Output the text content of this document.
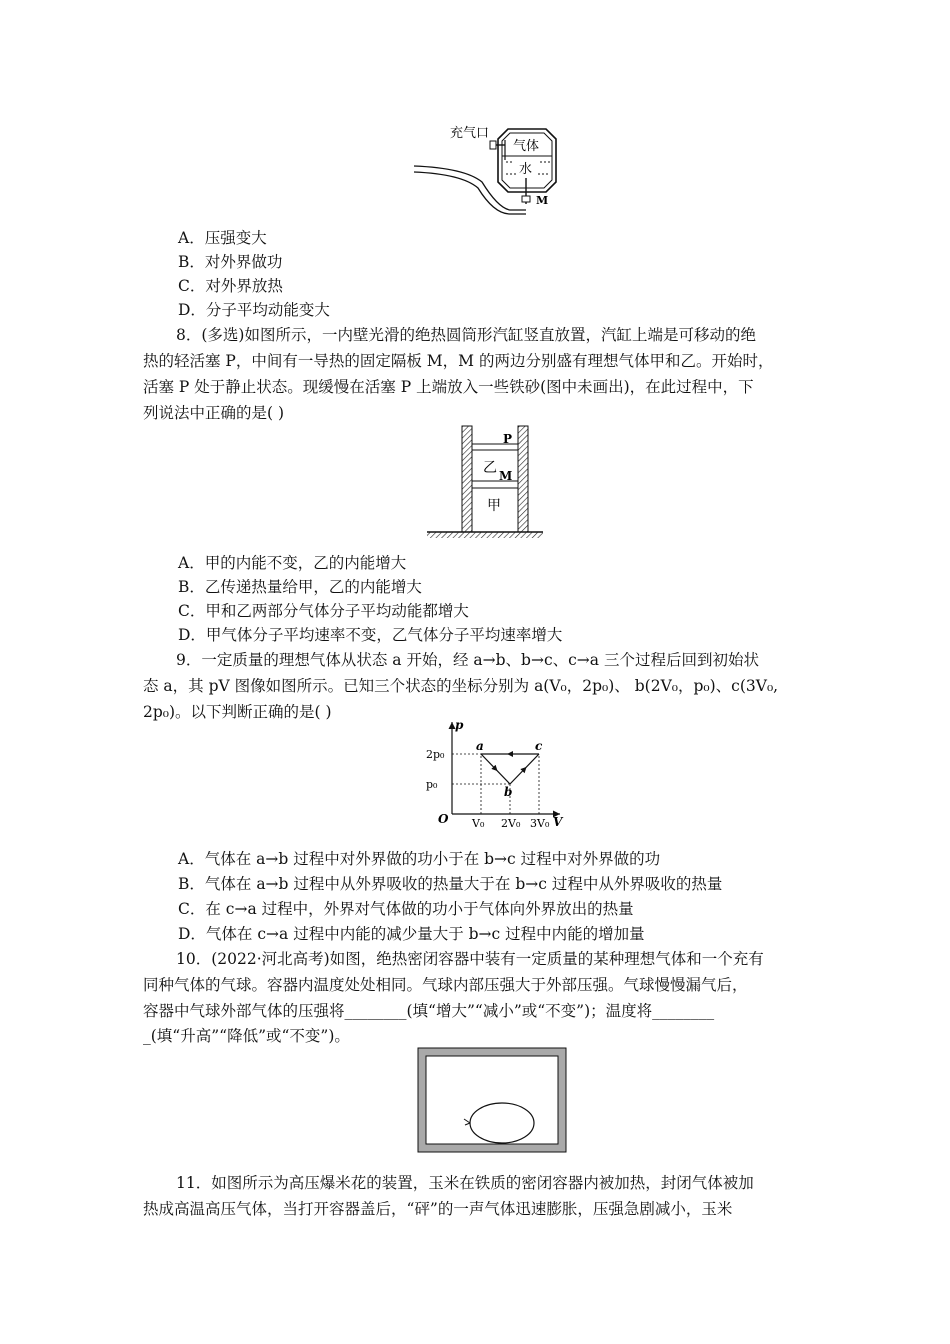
充气口
气体
水
M
A．压强变大
B．对外界做功
C．对外界放热
D．分子平均动能变大
8．(多选)如图所示，一内壁光滑的绝热圆筒形汽缸竖直放置，汽缸上端是可移动的绝
热的轻活塞 P，中间有一导热的固定隔板 M，M 的两边分别盛有理想气体甲和乙。开始时，
活塞 P 处于静止状态。现缓慢在活塞 P 上端放入一些铁砂(图中未画出)，在此过程中，下
列说法中正确的是( )
P
M
乙
甲
A．甲的内能不变，乙的内能增大
B．乙传递热量给甲，乙的内能增大
C．甲和乙两部分气体分子平均动能都增大
D．甲气体分子平均速率不变，乙气体分子平均速率增大
9．一定质量的理想气体从状态 a 开始，经 a→b、b→c、c→a 三个过程后回到初始状
态 a，其 pV 图像如图所示。已知三个状态的坐标分别为 a(V₀，2p₀)、 b(2V₀，p₀)、c(3V₀,
2p₀)。以下判断正确的是( )
p
V
O
a
b
c
V₀ 2V₀ 3V₀
p₀
2p₀
A．气体在 a→b 过程中对外界做的功小于在 b→c 过程中对外界做的功
B．气体在 a→b 过程中从外界吸收的热量大于在 b→c 过程中从外界吸收的热量
C．在 c→a 过程中，外界对气体做的功小于气体向外界放出的热量
D．气体在 c→a 过程中内能的减少量大于 b→c 过程中内能的增加量
10．(2022·河北高考)如图，绝热密闭容器中装有一定质量的某种理想气体和一个充有
同种气体的气球。容器内温度处处相同。气球内部压强大于外部压强。气球慢慢漏气后，
容器中气球外部气体的压强将________(填“增大”“减小”或“不变”)；温度将________
_(填“升高”“降低”或“不变”)。
11．如图所示为高压爆米花的装置，玉米在铁质的密闭容器内被加热，封闭气体被加
热成高温高压气体，当打开容器盖后，“砰”的一声气体迅速膨胀，压强急剧减小，玉米
